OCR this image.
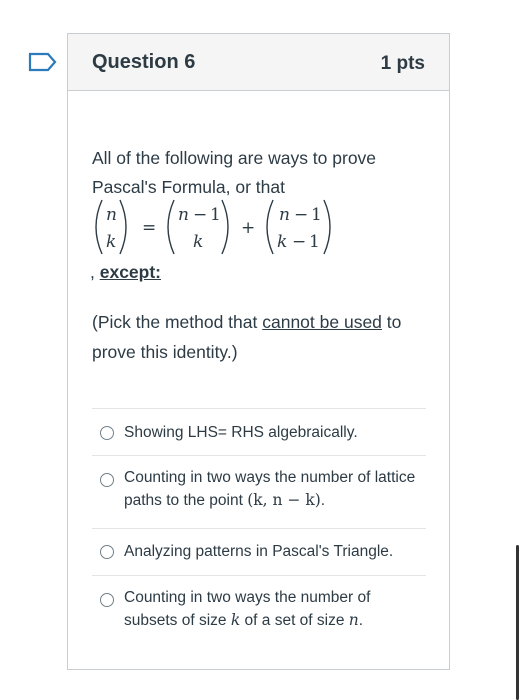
Question 6	1 pts

All of the following are ways to prove

Pascal's Formula, or that

n
k
=
n − 1
k
+
n − 1
k − 1
, except:
(Pick the method that cannot be used to prove this identity.)
Showing LHS= RHS algebraically.
Counting in two ways the number of lattice paths to the point (k, n − k).
Analyzing patterns in Pascal's Triangle.
Counting in two ways the number of subsets of size k of a set of size n.
